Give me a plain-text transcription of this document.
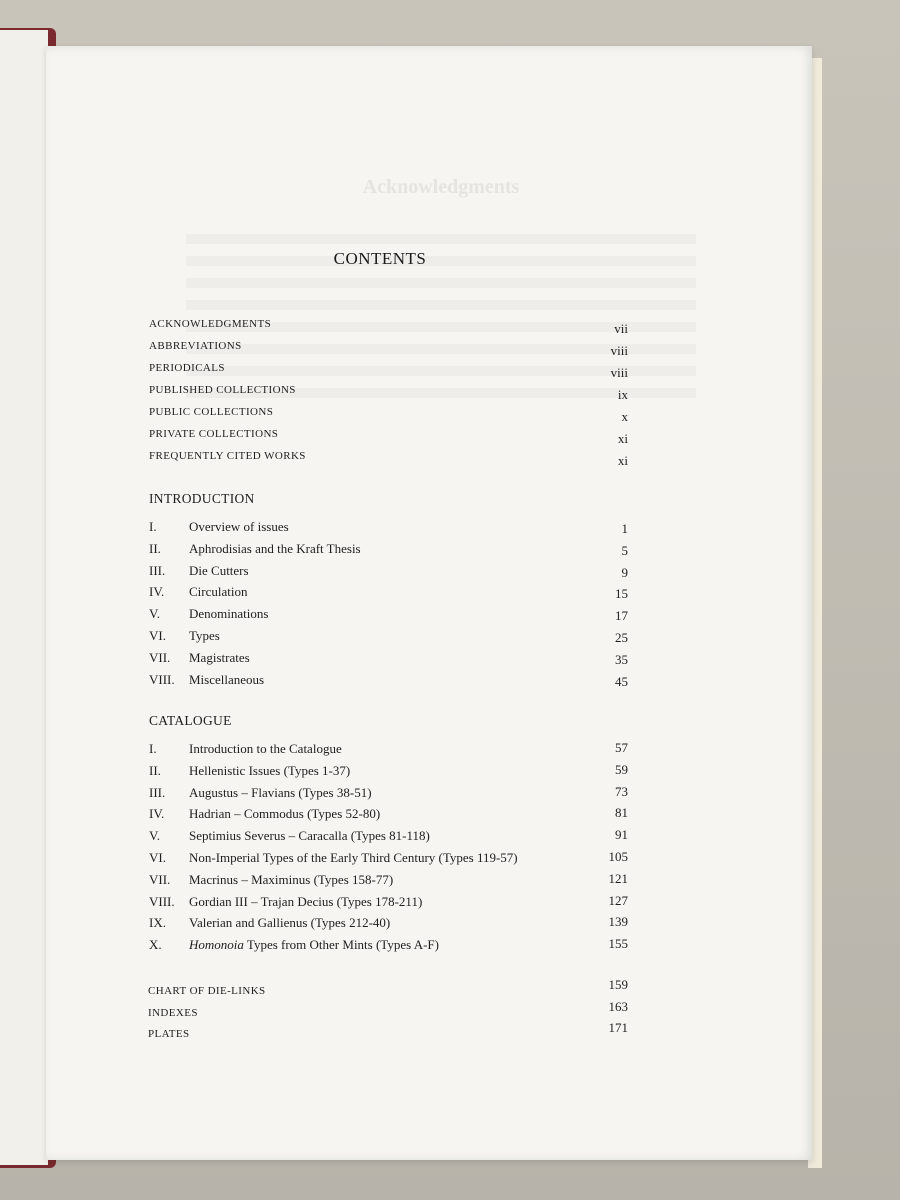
Acknowledgments
CONTENTS
ACKNOWLEDGMENTS	vii
ABBREVIATIONS	viii
PERIODICALS	viii
PUBLISHED COLLECTIONS	ix
PUBLIC COLLECTIONS	x
PRIVATE COLLECTIONS	xi
FREQUENTLY CITED WORKS	xi
INTRODUCTION
I. Overview of issues	1
II. Aphrodisias and the Kraft Thesis	5
III. Die Cutters	9
IV. Circulation	15
V. Denominations	17
VI. Types	25
VII. Magistrates	35
VIII. Miscellaneous	45
CATALOGUE
I. Introduction to the Catalogue	57
II. Hellenistic Issues (Types 1-37)	59
III. Augustus – Flavians (Types 38-51)	73
IV. Hadrian – Commodus (Types 52-80)	81
V. Septimius Severus – Caracalla (Types 81-118)	91
VI. Non-Imperial Types of the Early Third Century (Types 119-57)	105
VII. Macrinus – Maximinus (Types 158-77)	121
VIII. Gordian III – Trajan Decius (Types 178-211)	127
IX. Valerian and Gallienus (Types 212-40)	139
X. Homonoia Types from Other Mints (Types A-F)	155
CHART OF DIE-LINKS	159
INDEXES	163
PLATES	171
